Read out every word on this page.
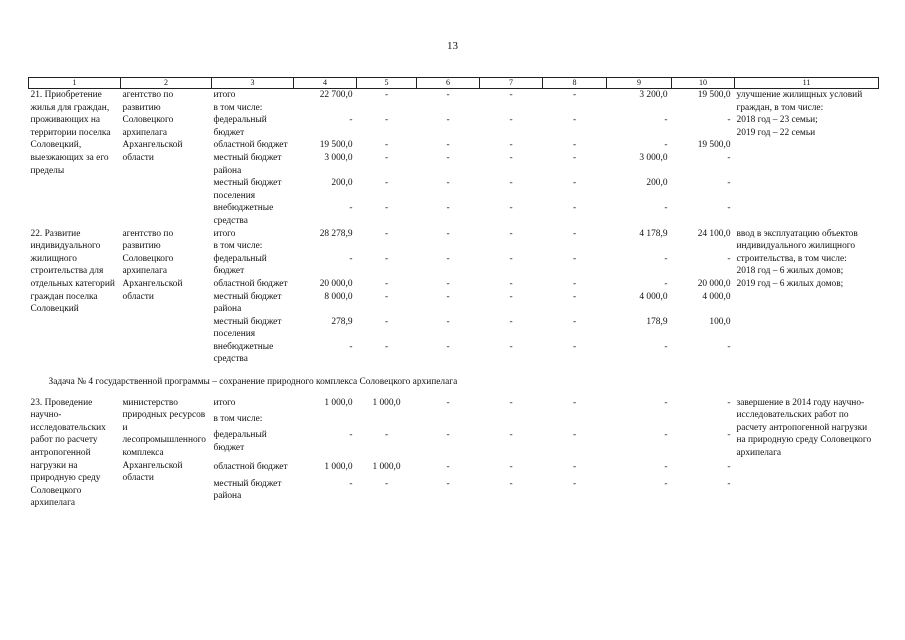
13
1	2	3	4	5	6	7	8	9	10	11
21. Приобретение жилья для граждан, проживающих на территории поселка Соловецкий, выезжающих за его пределы	агентство по развитию Соловецкого архипелага Архангельской области	итого	22 700,0	-	-	-	-	3 200,0	19 500,0	улучшение жилищных условий граждан, в том числе:
2018 год – 23 семьи;
2019 год – 22 семьи
		в том числе:								
		федеральный бюджет	-	-	-	-	-	-	-	
		областной бюджет	19 500,0	-	-	-	-	-	19 500,0	
		местный бюджет района	3 000,0	-	-	-	-	3 000,0	-	
		местный бюджет поселения	200,0	-	-	-	-	200,0	-	
		внебюджетные средства	-	-	-	-	-	-	-	
22. Развитие индивидуального жилищного строительства для отдельных категорий граждан поселка Соловецкий	агентство по развитию Соловецкого архипелага Архангельской области	итого	28 278,9	-	-	-	-	4 178,9	24 100,0	ввод в эксплуатацию объектов индивидуального жилищного строительства, в том числе:
2018 год – 6 жилых домов;
2019 год – 6 жилых домов;
		в том числе:								
		федеральный бюджет	-	-	-	-	-	-	-	
		областной бюджет	20 000,0	-	-	-	-	-	20 000,0	
		местный бюджет района	8 000,0	-	-	-	-	4 000,0	4 000,0	
		местный бюджет поселения	278,9	-	-	-	-	178,9	100,0	
		внебюджетные средства	-	-	-	-	-	-	-	

Задача № 4 государственной программы – сохранение природного комплекса Соловецкого архипелага										

23. Проведение научно-исследовательских работ по расчету антропогенной нагрузки на природную среду Соловецкого архипелага	министерство природных ресурсов и лесопромышленного комплекса Архангельской области	итого	1 000,0	1 000,0	-	-	-	-	-	завершение в 2014 году научно-исследовательских работ по расчету антропогенной нагрузки на природную среду Соловецкого архипелага
		в том числе:								
		федеральный бюджет	-	-	-	-	-	-	-	
		областной бюджет	1 000,0	1 000,0	-	-	-	-	-	
		местный бюджет района	-	-	-	-	-	-	-	
